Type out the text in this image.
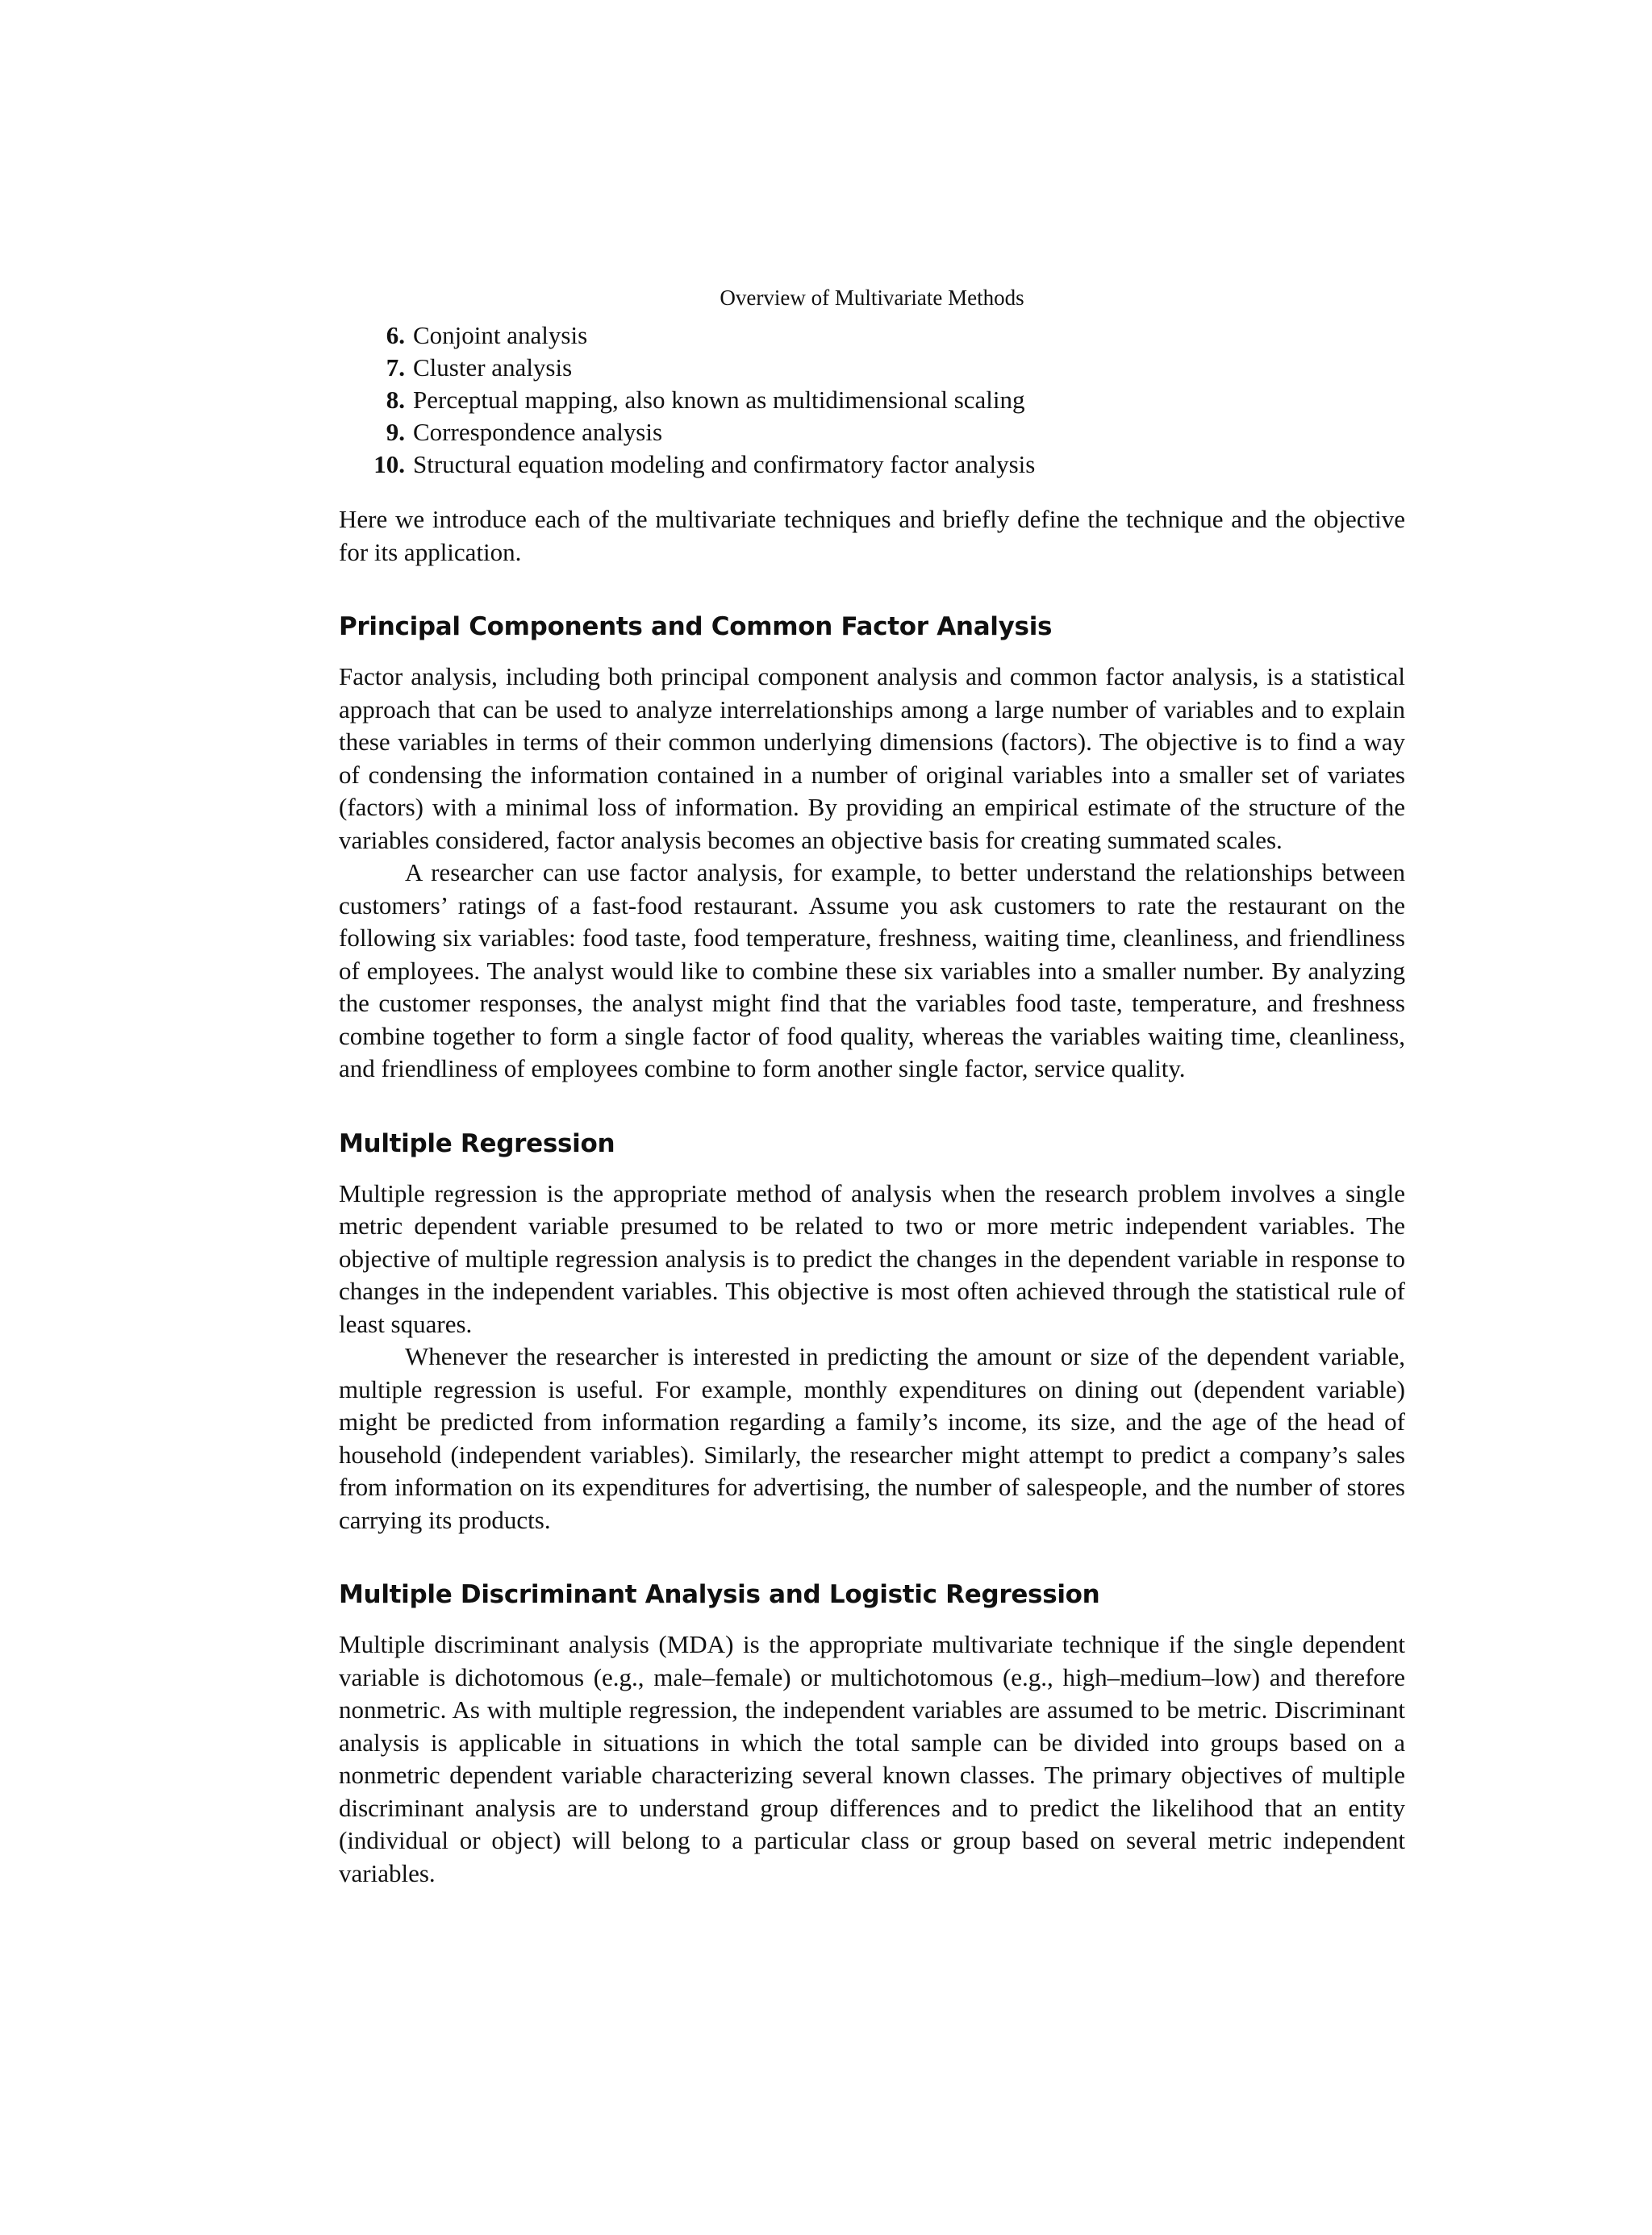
Overview of Multivariate Methods
6. Conjoint analysis
7. Cluster analysis
8. Perceptual mapping, also known as multidimensional scaling
9. Correspondence analysis
10. Structural equation modeling and confirmatory factor analysis

Here we introduce each of the multivariate techniques and briefly define the technique and the objective for its application.

Principal Components and Common Factor Analysis

Factor analysis, including both principal component analysis and common factor analysis, is a statistical approach that can be used to analyze interrelationships among a large number of variables and to explain these variables in terms of their common underlying dimensions (factors). The objective is to find a way of condensing the information contained in a number of original variables into a smaller set of variates (factors) with a minimal loss of information. By providing an empirical estimate of the structure of the variables considered, factor analysis becomes an objective basis for creating summated scales.

A researcher can use factor analysis, for example, to better understand the relationships between customers’ ratings of a fast-food restaurant. Assume you ask customers to rate the restaurant on the following six variables: food taste, food temperature, freshness, waiting time, cleanliness, and friendliness of employees. The analyst would like to combine these six variables into a smaller number. By analyzing the customer responses, the analyst might find that the variables food taste, temperature, and freshness combine together to form a single factor of food quality, whereas the variables waiting time, cleanliness, and friendliness of employees combine to form another single factor, service quality.

Multiple Regression

Multiple regression is the appropriate method of analysis when the research problem involves a single metric dependent variable presumed to be related to two or more metric independent variables. The objective of multiple regression analysis is to predict the changes in the dependent variable in response to changes in the independent variables. This objective is most often achieved through the statistical rule of least squares.

Whenever the researcher is interested in predicting the amount or size of the dependent variable, multiple regression is useful. For example, monthly expenditures on dining out (dependent variable) might be predicted from information regarding a family’s income, its size, and the age of the head of household (independent variables). Similarly, the researcher might attempt to predict a company’s sales from information on its expenditures for advertising, the number of salespeople, and the number of stores carrying its products.

Multiple Discriminant Analysis and Logistic Regression

Multiple discriminant analysis (MDA) is the appropriate multivariate technique if the single dependent variable is dichotomous (e.g., male–female) or multichotomous (e.g., high–medium–low) and therefore nonmetric. As with multiple regression, the independent variables are assumed to be metric. Discriminant analysis is applicable in situations in which the total sample can be divided into groups based on a nonmetric dependent variable characterizing several known classes. The primary objectives of multiple discriminant analysis are to understand group differences and to predict the likelihood that an entity (individual or object) will belong to a particular class or group based on several metric independent variables.
